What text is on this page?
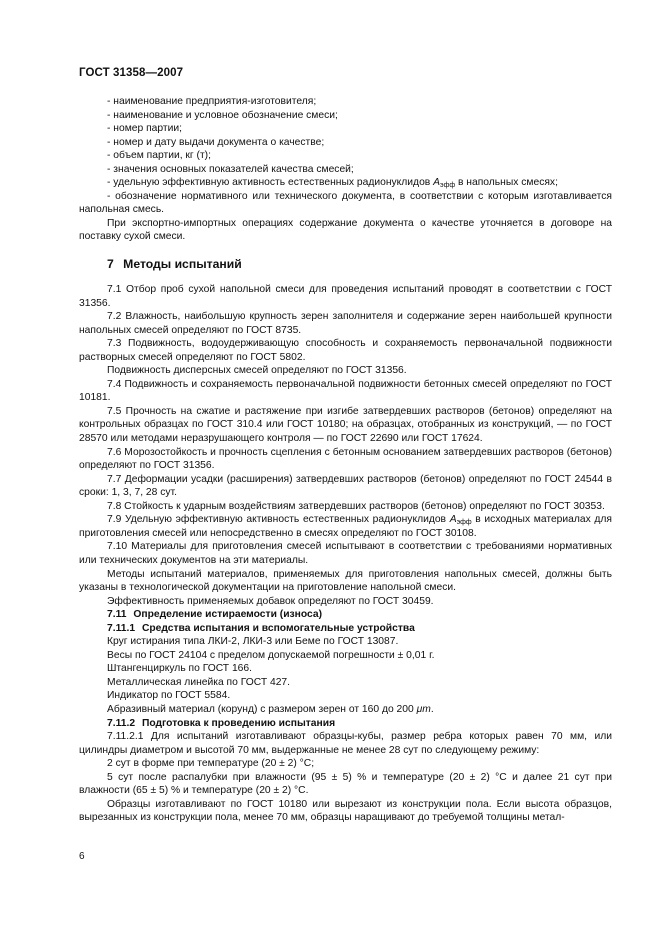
ГОСТ 31358—2007

- наименование предприятия-изготовителя;

- наименование и условное обозначение смеси;

- номер партии;

- номер и дату выдачи документа о качестве;

- объем партии, кг (т);

- значения основных показателей качества смесей;

- удельную эффективную активность естественных радионуклидов $А_{эфф}$ в напольных смесях;

- обозначение нормативного или технического документа, в соответствии с которым изготавливается напольная смесь.

При экспортно-импортных операциях содержание документа о качестве уточняется в договоре на поставку сухой смеси.

7 Методы испытаний

7.1 Отбор проб сухой напольной смеси для проведения испытаний проводят в соответствии с ГОСТ 31356.

7.2 Влажность, наибольшую крупность зерен заполнителя и содержание зерен наибольшей крупности напольных смесей определяют по ГОСТ 8735.

7.3 Подвижность, водоудерживающую способность и сохраняемость первоначальной подвижности растворных смесей определяют по ГОСТ 5802.

Подвижность дисперсных смесей определяют по ГОСТ 31356.

7.4 Подвижность и сохраняемость первоначальной подвижности бетонных смесей определяют по ГОСТ 10181.

7.5 Прочность на сжатие и растяжение при изгибе затвердевших растворов (бетонов) определяют на контрольных образцах по ГОСТ 310.4 или ГОСТ 10180; на образцах, отобранных из конструкций, — по ГОСТ 28570 или методами неразрушающего контроля — по ГОСТ 22690 или ГОСТ 17624.

7.6 Морозостойкость и прочность сцепления с бетонным основанием затвердевших растворов (бетонов) определяют по ГОСТ 31356.

7.7 Деформации усадки (расширения) затвердевших растворов (бетонов) определяют по ГОСТ 24544 в сроки: 1, 3, 7, 28 сут.

7.8 Стойкость к ударным воздействиям затвердевших растворов (бетонов) определяют по ГОСТ 30353.

7.9 Удельную эффективную активность естественных радионуклидов $А_{эфф}$ в исходных материалах для приготовления смесей или непосредственно в смесях определяют по ГОСТ 30108.

7.10 Материалы для приготовления смесей испытывают в соответствии с требованиями нормативных или технических документов на эти материалы.

Методы испытаний материалов, применяемых для приготовления напольных смесей, должны быть указаны в технологической документации на приготовление напольной смеси.

Эффективность применяемых добавок определяют по ГОСТ 30459.

7.11 Определение истираемости (износа)

7.11.1 Средства испытания и вспомогательные устройства

Круг истирания типа ЛКИ-2, ЛКИ-3 или Беме по ГОСТ 13087.

Весы по ГОСТ 24104 с пределом допускаемой погрешности ± 0,01 г.

Штангенциркуль по ГОСТ 166.

Металлическая линейка по ГОСТ 427.

Индикатор по ГОСТ 5584.

Абразивный материал (корунд) с размером зерен от 160 до 200 μm.

7.11.2 Подготовка к проведению испытания

7.11.2.1 Для испытаний изготавливают образцы-кубы, размер ребра которых равен 70 мм, или цилиндры диаметром и высотой 70 мм, выдержанные не менее 28 сут по следующему режиму:

2 сут в форме при температуре (20 ± 2) °С;

5 сут после распалубки при влажности (95 ± 5) % и температуре (20 ± 2) °С и далее 21 сут при влажности (65 ± 5) % и температуре (20 ± 2) °С.

Образцы изготавливают по ГОСТ 10180 или вырезают из конструкции пола. Если высота образцов, вырезанных из конструкции пола, менее 70 мм, образцы наращивают до требуемой толщины метал-

6
